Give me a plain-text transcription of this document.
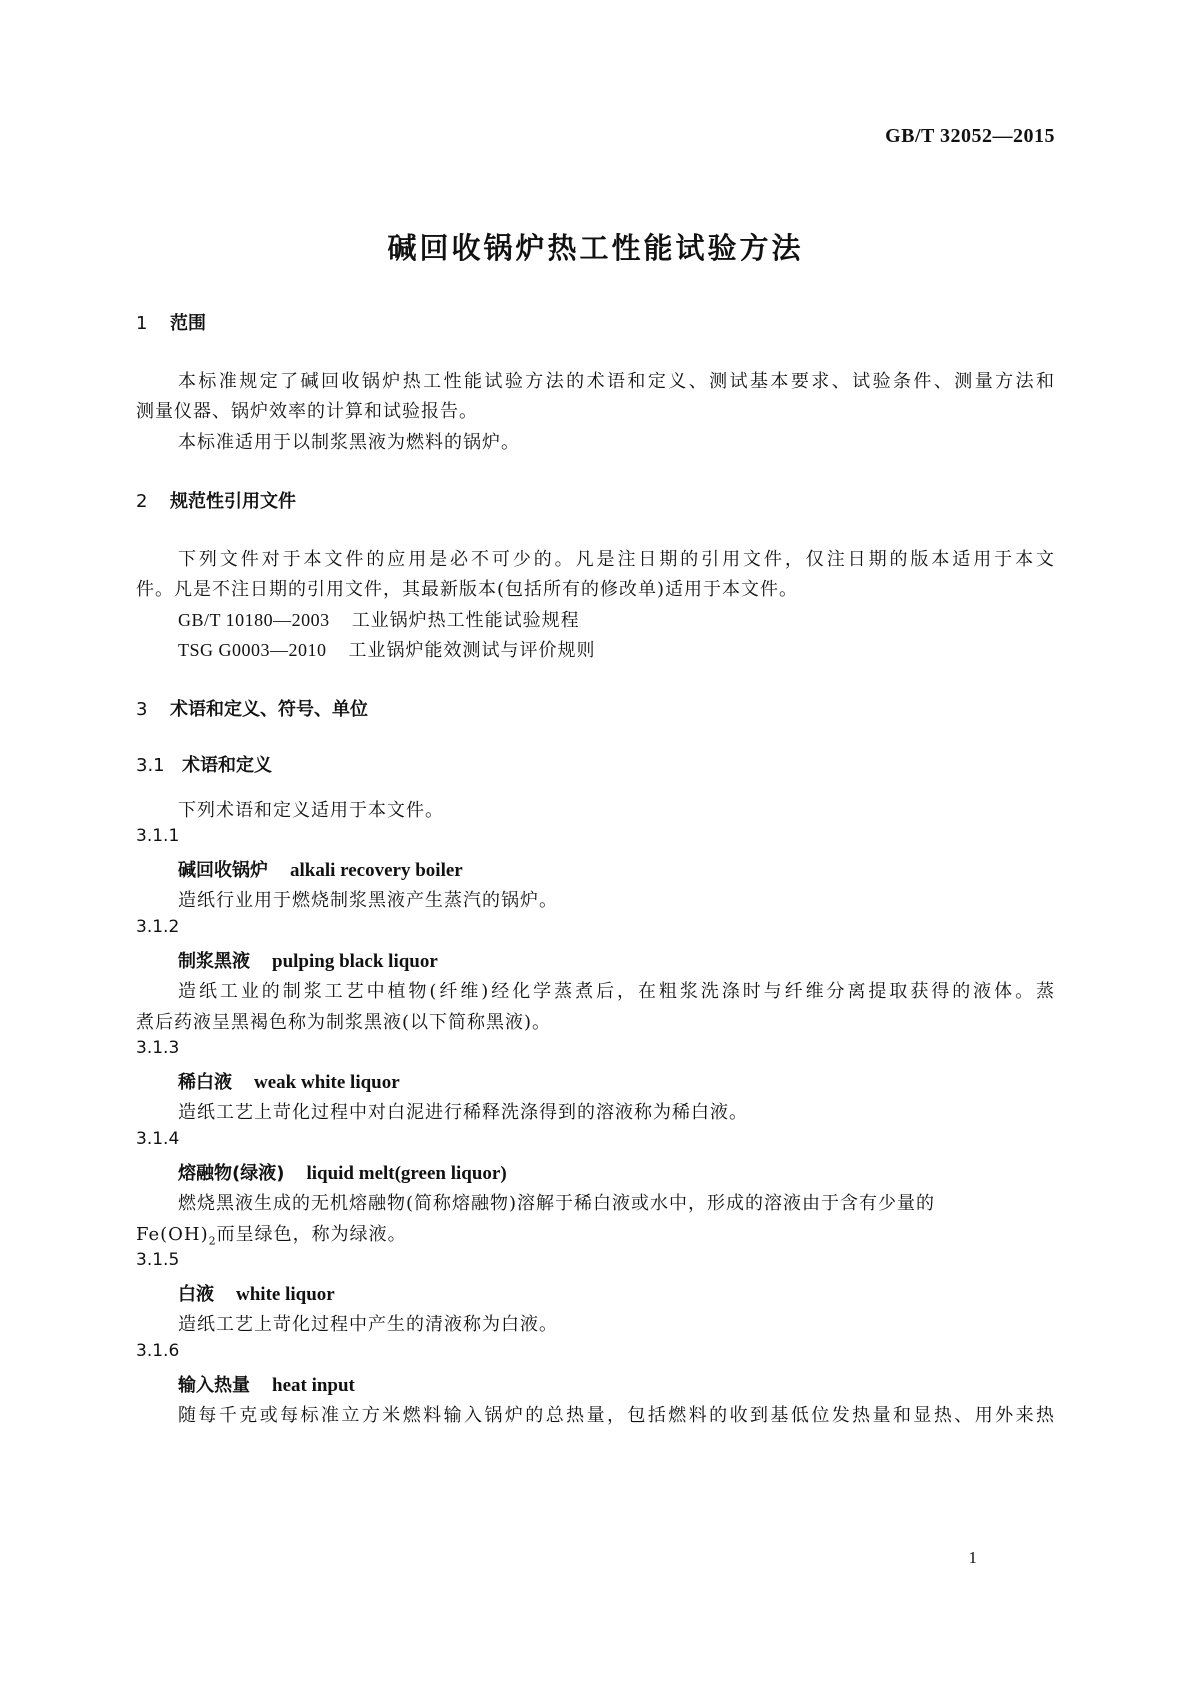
GB/T 32052—2015
碱回收锅炉热工性能试验方法
1 范围
本标准规定了碱回收锅炉热工性能试验方法的术语和定义、测试基本要求、试验条件、测量方法和
测量仪器、锅炉效率的计算和试验报告。
本标准适用于以制浆黑液为燃料的锅炉。
2 规范性引用文件
下列文件对于本文件的应用是必不可少的。凡是注日期的引用文件，仅注日期的版本适用于本文
件。凡是不注日期的引用文件，其最新版本(包括所有的修改单)适用于本文件。
GB/T 10180—2003 工业锅炉热工性能试验规程
TSG G0003—2010 工业锅炉能效测试与评价规则
3 术语和定义、符号、单位
3.1 术语和定义
下列术语和定义适用于本文件。
3.1.1
碱回收锅炉 alkali recovery boiler
造纸行业用于燃烧制浆黑液产生蒸汽的锅炉。
3.1.2
制浆黑液 pulping black liquor
造纸工业的制浆工艺中植物(纤维)经化学蒸煮后，在粗浆洗涤时与纤维分离提取获得的液体。蒸
煮后药液呈黑褐色称为制浆黑液(以下简称黑液)。
3.1.3
稀白液 weak white liquor
造纸工艺上苛化过程中对白泥进行稀释洗涤得到的溶液称为稀白液。
3.1.4
熔融物(绿液) liquid melt(green liquor)
燃烧黑液生成的无机熔融物(简称熔融物)溶解于稀白液或水中，形成的溶液由于含有少量的
$Fe(OH)_2$而呈绿色，称为绿液。
3.1.5
白液 white liquor
造纸工艺上苛化过程中产生的清液称为白液。
3.1.6
输入热量 heat input
随每千克或每标准立方米燃料输入锅炉的总热量，包括燃料的收到基低位发热量和显热、用外来热
1
